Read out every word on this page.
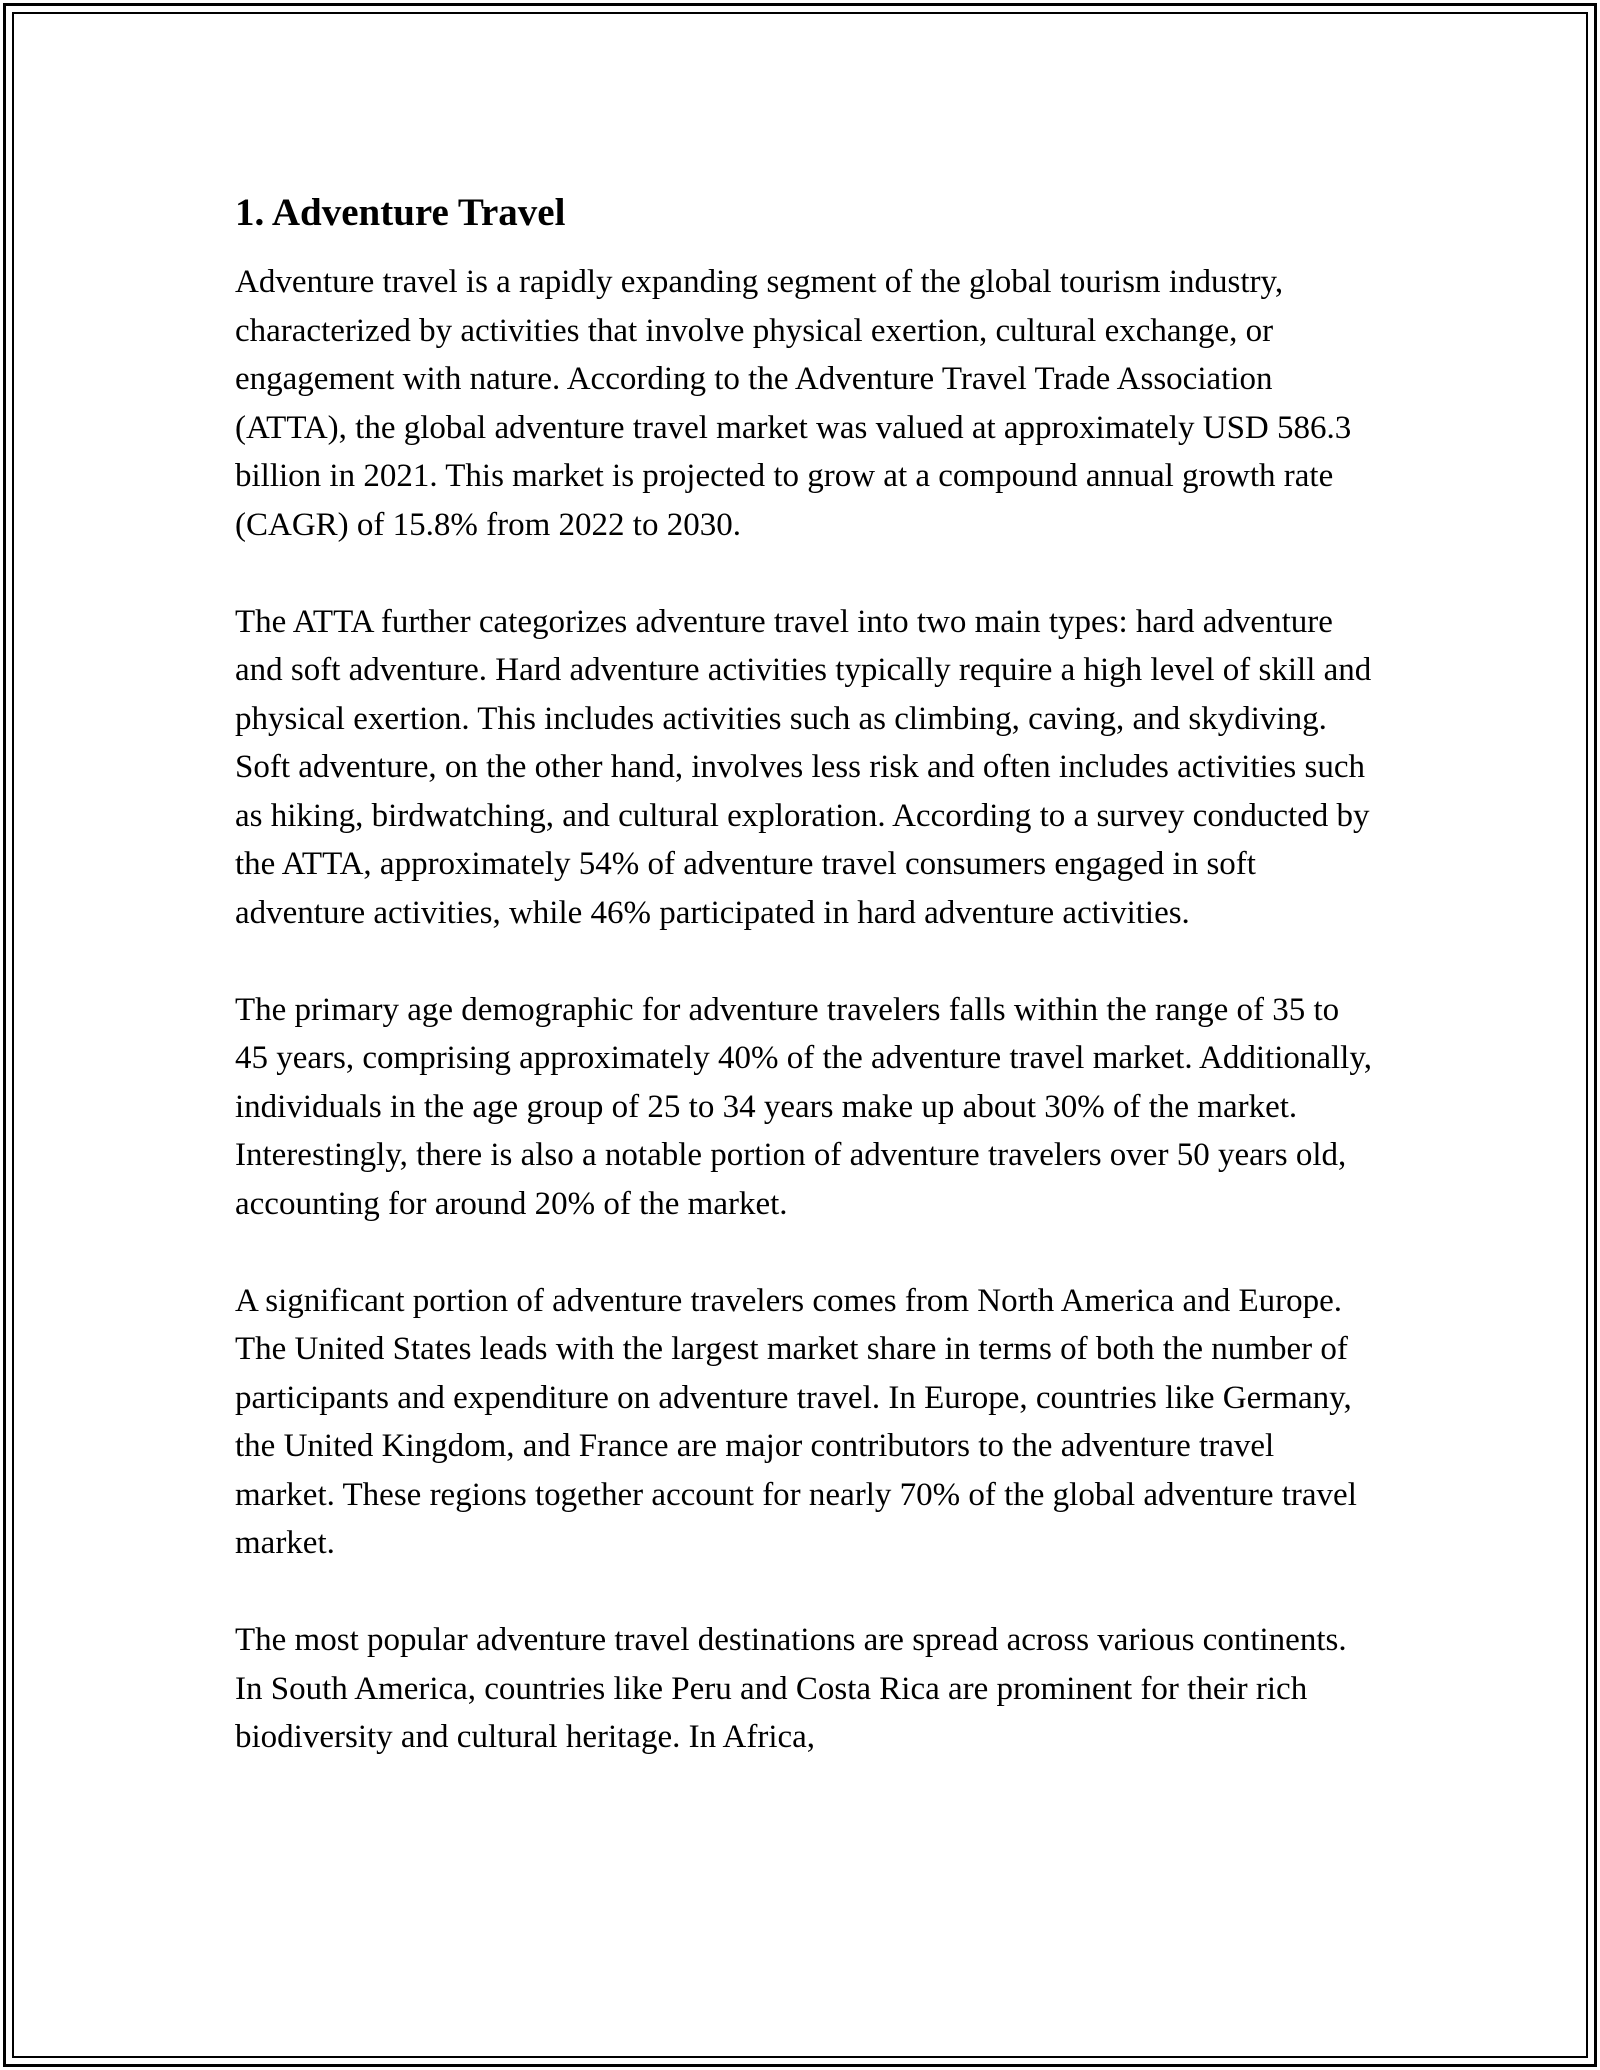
1. Adventure Travel

Adventure travel is a rapidly expanding segment of the global tourism industry, characterized by activities that involve physical exertion, cultural exchange, or engagement with nature. According to the Adventure Travel Trade Association (ATTA), the global adventure travel market was valued at approximately USD 586.3 billion in 2021. This market is projected to grow at a compound annual growth rate (CAGR) of 15.8% from 2022 to 2030.

The ATTA further categorizes adventure travel into two main types: hard adventure and soft adventure. Hard adventure activities typically require a high level of skill and physical exertion. This includes activities such as climbing, caving, and skydiving. Soft adventure, on the other hand, involves less risk and often includes activities such as hiking, birdwatching, and cultural exploration. According to a survey conducted by the ATTA, approximately 54% of adventure travel consumers engaged in soft adventure activities, while 46% participated in hard adventure activities.

The primary age demographic for adventure travelers falls within the range of 35 to 45 years, comprising approximately 40% of the adventure travel market. Additionally, individuals in the age group of 25 to 34 years make up about 30% of the market. Interestingly, there is also a notable portion of adventure travelers over 50 years old, accounting for around 20% of the market.

A significant portion of adventure travelers comes from North America and Europe. The United States leads with the largest market share in terms of both the number of participants and expenditure on adventure travel. In Europe, countries like Germany, the United Kingdom, and France are major contributors to the adventure travel market. These regions together account for nearly 70% of the global adventure travel market.

The most popular adventure travel destinations are spread across various continents. In South America, countries like Peru and Costa Rica are prominent for their rich biodiversity and cultural heritage. In Africa,
